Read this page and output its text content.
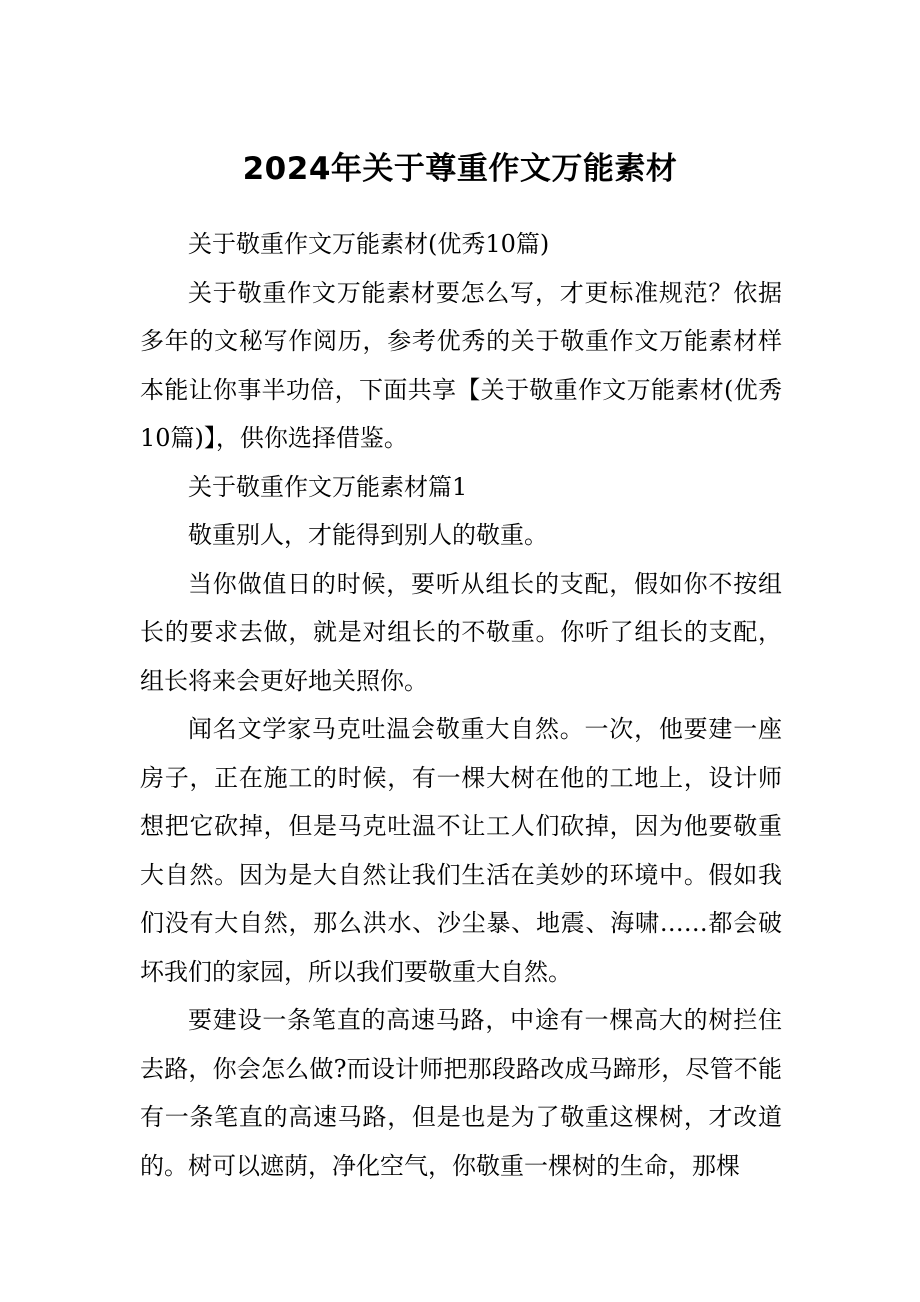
2024年关于尊重作文万能素材

关于敬重作文万能素材(优秀10篇)

关于敬重作文万能素材要怎么写，才更标准规范？依据多年的文秘写作阅历，参考优秀的关于敬重作文万能素材样本能让你事半功倍，下面共享【关于敬重作文万能素材(优秀10篇)】，供你选择借鉴。

关于敬重作文万能素材篇1

敬重别人，才能得到别人的敬重。

当你做值日的时候，要听从组长的支配，假如你不按组长的要求去做，就是对组长的不敬重。你听了组长的支配，组长将来会更好地关照你。

闻名文学家马克吐温会敬重大自然。一次，他要建一座房子，正在施工的时候，有一棵大树在他的工地上，设计师想把它砍掉，但是马克吐温不让工人们砍掉，因为他要敬重大自然。因为是大自然让我们生活在美妙的环境中。假如我们没有大自然，那么洪水、沙尘暴、地震、海啸……都会破坏我们的家园，所以我们要敬重大自然。

要建设一条笔直的高速马路，中途有一棵高大的树拦住去路，你会怎么做?而设计师把那段路改成马蹄形，尽管不能有一条笔直的高速马路，但是也是为了敬重这棵树，才改道的。树可以遮荫，净化空气，你敬重一棵树的生命，那棵
